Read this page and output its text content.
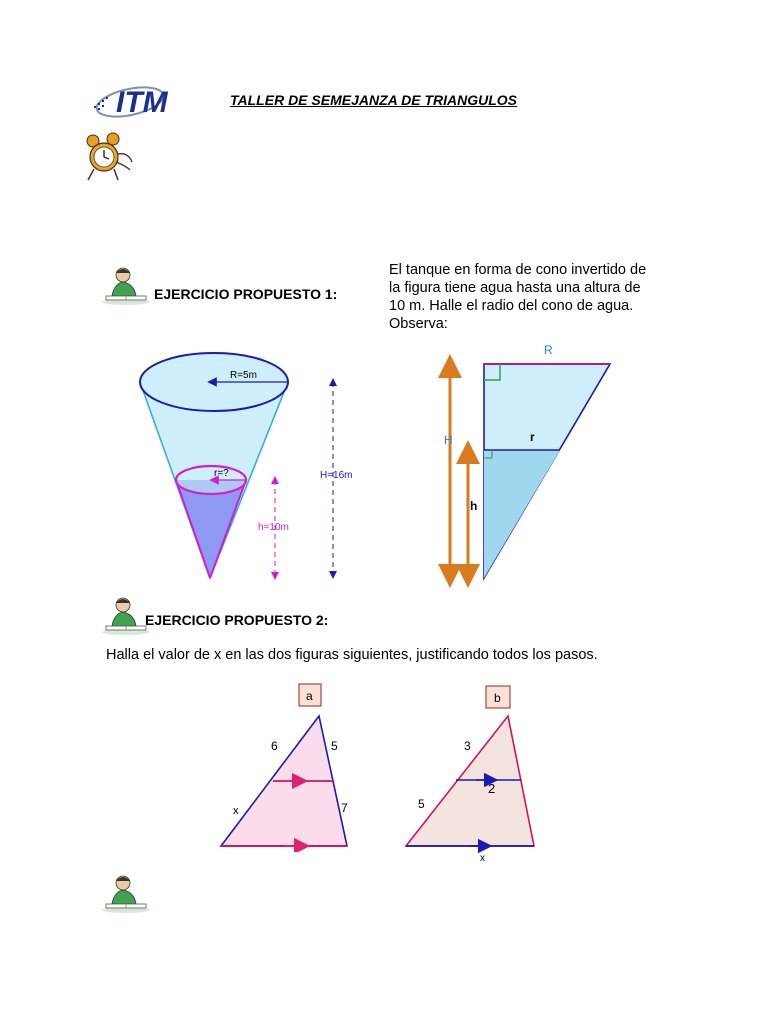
ITM	TALLER DE SEMEJANZA DE TRIANGULOS
EJERCICIO PROPUESTO 1:
El tanque en forma de cono invertido de
la figura tiene agua hasta una altura de
10 m. Halle el radio del cono de agua.
Observa:
R=5m
r=?	H=16m
h=10m
R
r
H
h
EJERCICIO PROPUESTO 2:
Halla el valor de x en las dos figuras siguientes, justificando todos los pasos.
a
6	5
x	7
b
3
2
5
x
